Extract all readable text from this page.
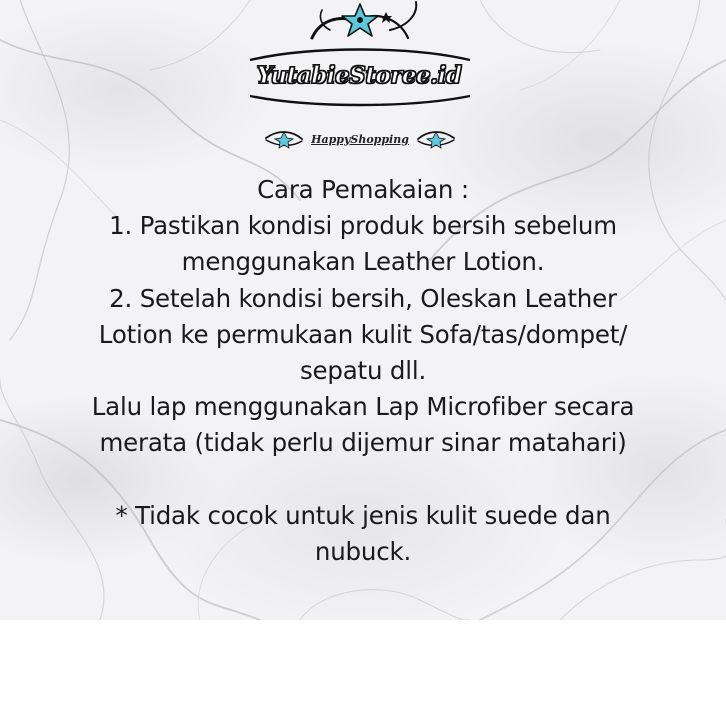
YutabieStoree.id
HappyShopping
Cara Pemakaian :
1. Pastikan kondisi produk bersih sebelum
menggunakan Leather Lotion.
2. Setelah kondisi bersih, Oleskan Leather
Lotion ke permukaan kulit Sofa/tas/dompet/
sepatu dll.
Lalu lap menggunakan Lap Microfiber secara
merata (tidak perlu dijemur sinar matahari)
* Tidak cocok untuk jenis kulit suede dan
nubuck.
